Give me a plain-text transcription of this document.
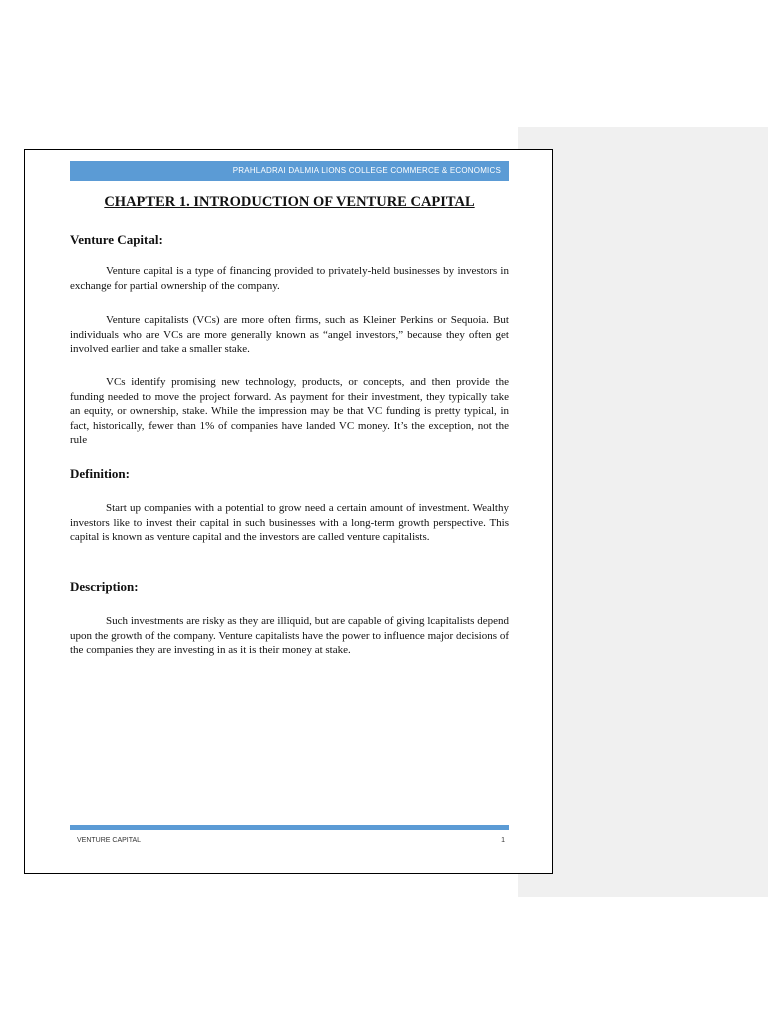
PRAHLADRAI DALMIA LIONS COLLEGE COMMERCE & ECONOMICS
CHAPTER 1. INTRODUCTION OF VENTURE CAPITAL
Venture Capital:

Venture capital is a type of financing provided to privately-held businesses by investors in exchange for partial ownership of the company.

Venture capitalists (VCs) are more often firms, such as Kleiner Perkins or Sequoia. But individuals who are VCs are more generally known as “angel investors,” because they often get involved earlier and take a smaller stake.

VCs identify promising new technology, products, or concepts, and then provide the funding needed to move the project forward. As payment for their investment, they typically take an equity, or ownership, stake. While the impression may be that VC funding is pretty typical, in fact, historically, fewer than 1% of companies have landed VC money. It’s the exception, not the rule

Definition:

Start up companies with a potential to grow need a certain amount of investment. Wealthy investors like to invest their capital in such businesses with a long-term growth perspective. This capital is known as venture capital and the investors are called venture capitalists.

Description:

Such investments are risky as they are illiquid, but are capable of giving lcapitalists depend upon the growth of the company. Venture capitalists have the power to influence major decisions of the companies they are investing in as it is their money at stake.

VENTURE CAPITAL	1
